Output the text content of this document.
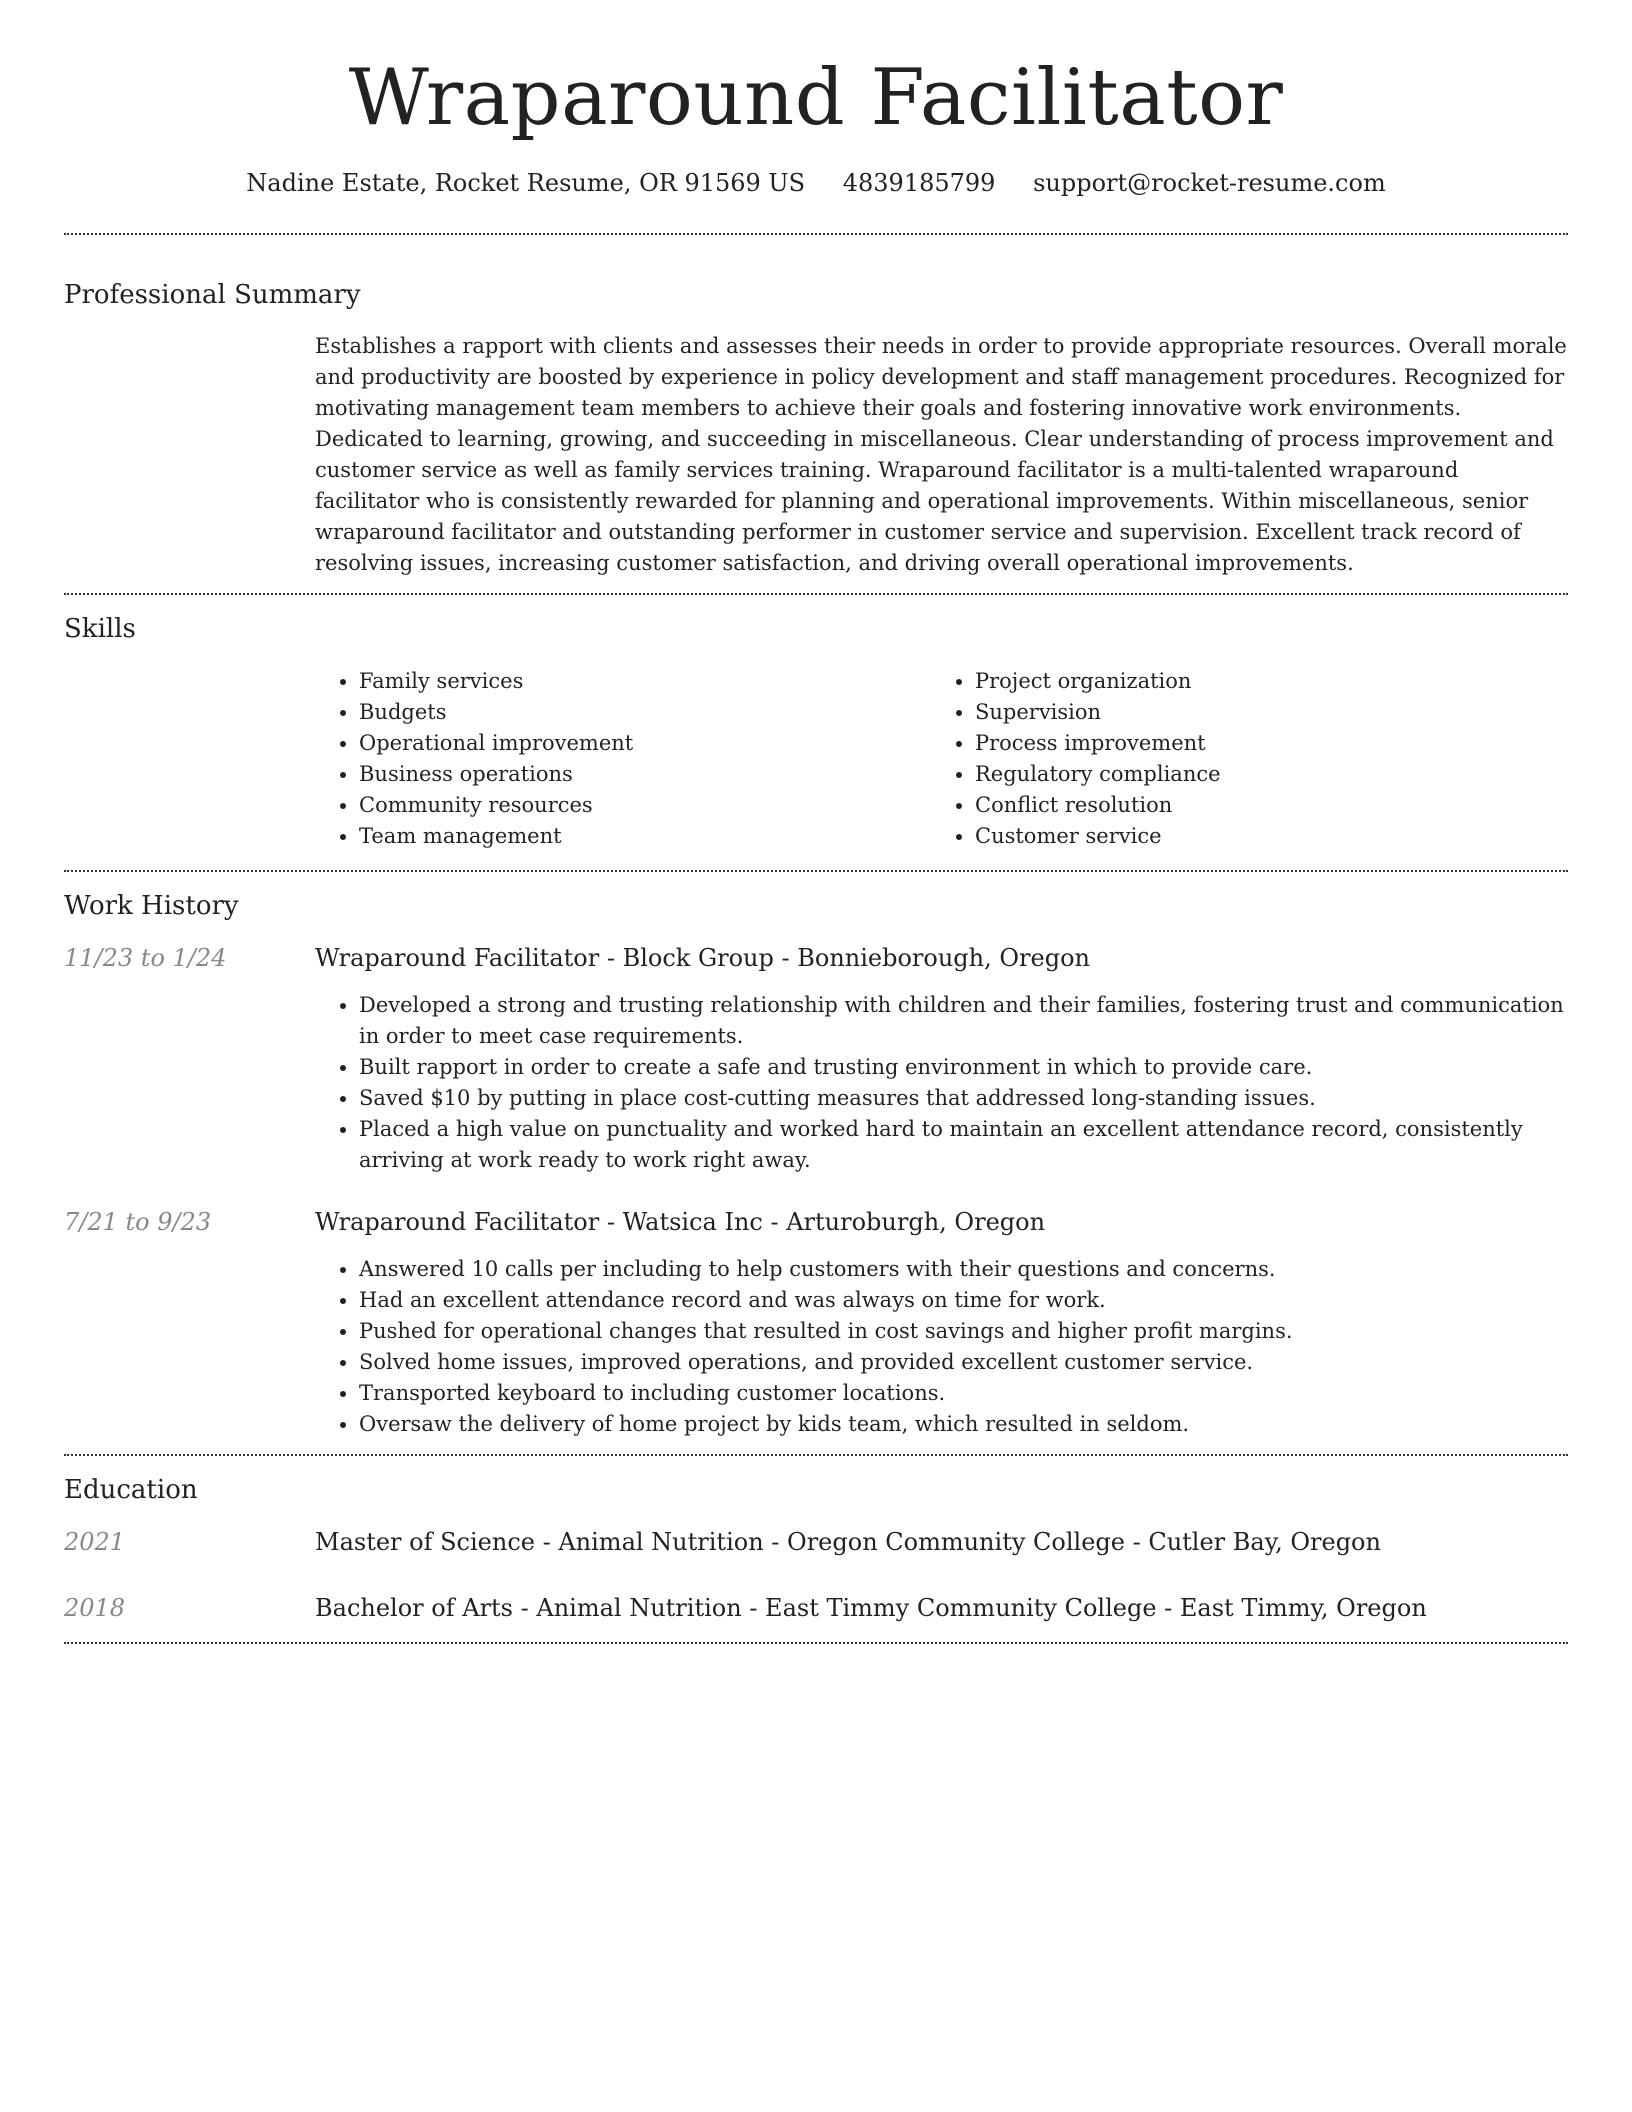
Wraparound Facilitator
Nadine Estate, Rocket Resume, OR 91569 US 4839185799 support@rocket-resume.com
Professional Summary

Establishes a rapport with clients and assesses their needs in order to provide appropriate resources. Overall morale and productivity are boosted by experience in policy development and staff management procedures. Recognized for motivating management team members to achieve their goals and fostering innovative work environments. Dedicated to learning, growing, and succeeding in miscellaneous. Clear understanding of process improvement and customer service as well as family services training. Wraparound facilitator is a multi-talented wraparound facilitator who is consistently rewarded for planning and operational improvements. Within miscellaneous, senior wraparound facilitator and outstanding performer in customer service and supervision. Excellent track record of resolving issues, increasing customer satisfaction, and driving overall operational improvements.

Skills
• Family services
• Budgets
• Operational improvement
• Business operations
• Community resources
• Team management
• Project organization
• Supervision
• Process improvement
• Regulatory compliance
• Conflict resolution
• Customer service
Work History
11/23 to 1/24	Wraparound Facilitator - Block Group - Bonnieborough, Oregon
• Developed a strong and trusting relationship with children and their families, fostering trust and communication in order to meet case requirements.
• Built rapport in order to create a safe and trusting environment in which to provide care.
• Saved $10 by putting in place cost-cutting measures that addressed long-standing issues.
• Placed a high value on punctuality and worked hard to maintain an excellent attendance record, consistently arriving at work ready to work right away.
7/21 to 9/23	Wraparound Facilitator - Watsica Inc - Arturoburgh, Oregon
• Answered 10 calls per including to help customers with their questions and concerns.
• Had an excellent attendance record and was always on time for work.
• Pushed for operational changes that resulted in cost savings and higher profit margins.
• Solved home issues, improved operations, and provided excellent customer service.
• Transported keyboard to including customer locations.
• Oversaw the delivery of home project by kids team, which resulted in seldom.
Education
2021	Master of Science - Animal Nutrition - Oregon Community College - Cutler Bay, Oregon
2018	Bachelor of Arts - Animal Nutrition - East Timmy Community College - East Timmy, Oregon
